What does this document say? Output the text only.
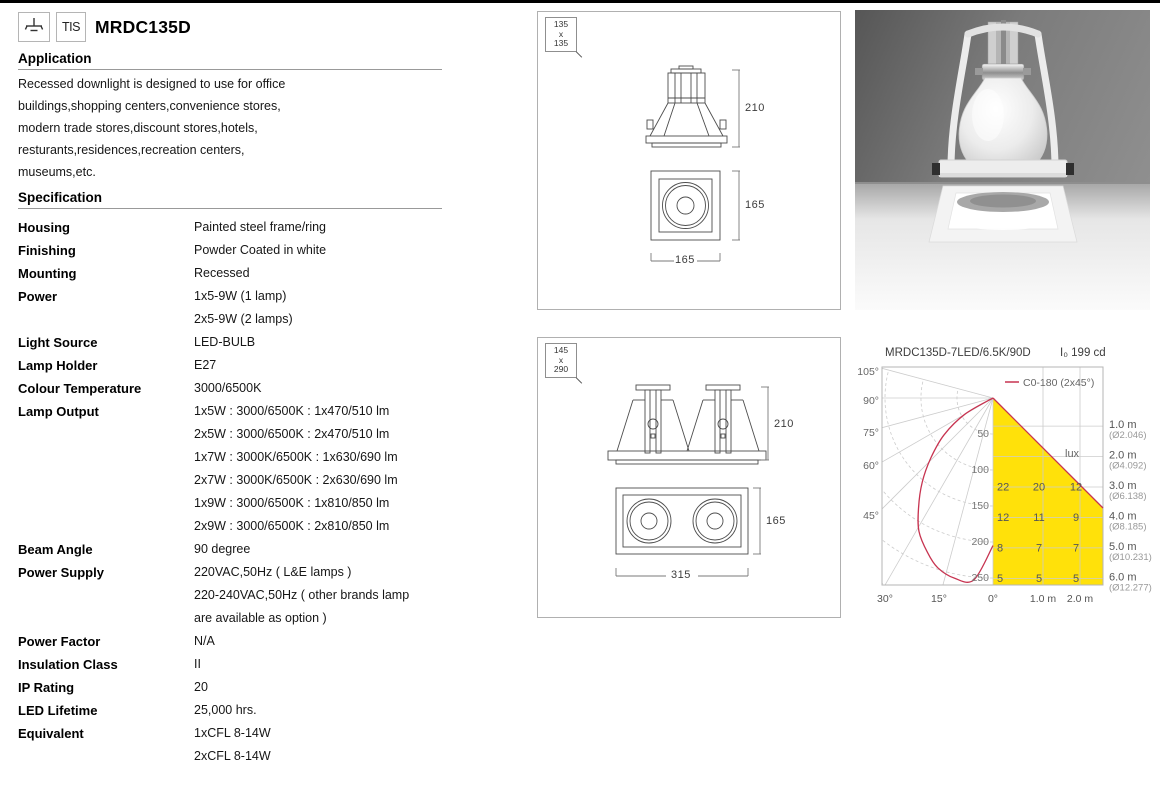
TIS MRDC135D
Application
Recessed downlight is designed to use for office
buildings,shopping centers,convenience stores,
modern trade stores,discount stores,hotels,
resturants,residences,recreation centers,
museums,etc.
Specification
Housing	Painted steel frame/ring
Finishing	Powder Coated in white
Mounting	Recessed
Power	1x5-9W (1 lamp)
2x5-9W (2 lamps)
Light Source	LED-BULB
Lamp Holder	E27
Colour Temperature	3000/6500K
Lamp Output	1x5W : 3000/6500K : 1x470/510 lm
2x5W : 3000/6500K : 2x470/510 lm
1x7W : 3000K/6500K : 1x630/690 lm
2x7W : 3000K/6500K : 2x630/690 lm
1x9W : 3000/6500K : 1x810/850 lm
2x9W : 3000/6500K : 2x810/850 lm
Beam Angle	90 degree
Power Supply	220VAC,50Hz ( L&E lamps )
220-240VAC,50Hz ( other brands lamp
are available as option )
Power Factor	N/A
Insulation Class	II
IP Rating	20
LED Lifetime	25,000 hrs.
Equivalent	1xCFL 8-14W
2xCFL 8-14W
135
x
135
210
165
165
145
x
290
210
165
315
MRDC135D-7LED/6.5K/90D	I₀ 199 cd
C0-180 (2x45°)
105°
90°
75°
60°
45°
30°	15°	0°	1.0 m 2.0 m
50
100
150
200
250
lux
1.0 m
(Ø2.046)
2.0 m
(Ø4.092)
3.0 m
(Ø6.138)
22 20 12
4.0 m
(Ø8.185)
12 11	9
5.0 m
(Ø10.231)
8	7	7
6.0 m
(Ø12.277)
5	5	5
